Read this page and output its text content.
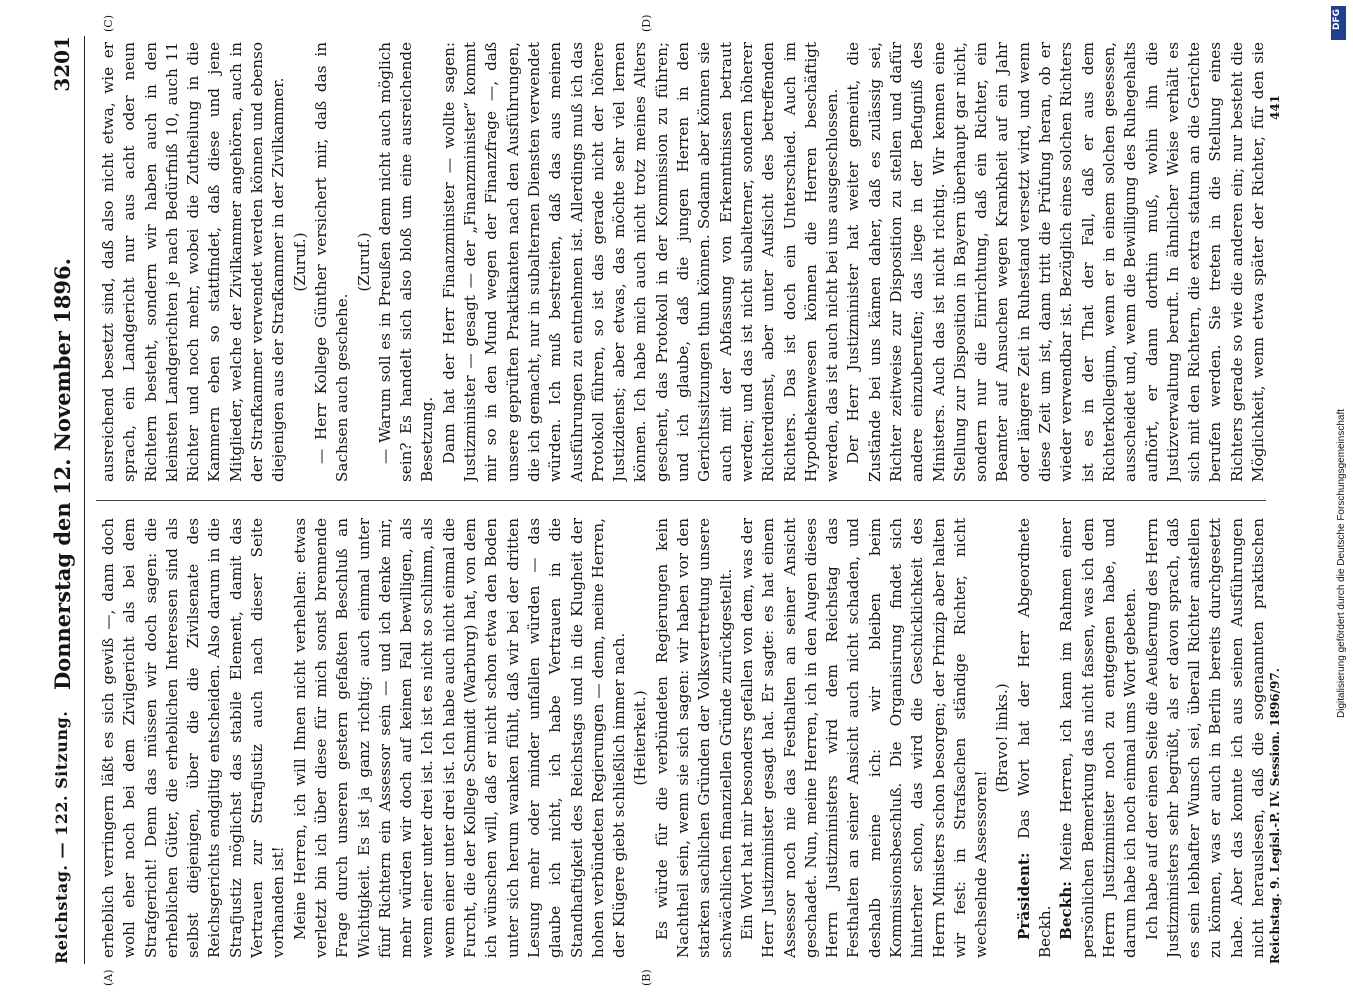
Reichstag. — 122. Sitzung.
Donnerstag den 12. November 1896.
3201
(A)	(B)
(C)	(D)

erheblich verringern läßt es sich gewiß —, dann doch wohl eher noch bei dem Zivilgericht als bei dem Strafgericht! Denn das müssen wir doch sagen: die erheblichen Güter, die erheblichen Interessen sind als selbst diejenigen, über die die Zivilsenate des Reichsgerichts endgiltig entscheiden. Also darum in die Strafjustiz möglichst das stabile Element, damit das Vertrauen zur Strafjustiz auch nach dieser Seite vorhanden ist! Meine Herren, ich will Ihnen nicht verhehlen: etwas verletzt bin ich über diese für mich sonst brennende Frage durch unseren gestern gefaßten Beschluß an Wichtigkeit. Es ist ja ganz richtig: auch einmal unter fünf Richtern ein Assessor sein — und ich denke mir, mehr würden wir doch auf keinen Fall bewilligen, als wenn einer unter drei ist. Ich ist es nicht so schlimm, als wenn einer unter drei ist. Ich habe auch nicht einmal die Furcht, die der Kollege Schmidt (Warburg) hat, von dem ich wünschen will, daß er nicht schon etwa den Boden unter sich herum wanken fühlt, daß wir bei der dritten Lesung mehr oder minder unfallen würden — das glaube ich nicht, ich habe Vertrauen in die Standhaftigkeit des Reichstags und in die Klugheit der hohen verbündeten Regierungen — denn, meine Herren, der Klügere giebt schließlich immer nach. (Heiterkeit.) Es würde für die verbündeten Regierungen kein Nachtheil sein, wenn sie sich sagen: wir haben vor den starken sachlichen Gründen der Volksvertretung unsere schwächlichen finanziellen Gründe zurückgestellt. Ein Wort hat mir besonders gefallen von dem, was der Herr Justizminister gesagt hat. Er sagte: es hat einem Assessor noch nie das Festhalten an seiner Ansicht geschadet. Nun, meine Herren, ich in den Augen dieses Herrn Justizministers wird dem Reichstag das Festhalten an seiner Ansicht auch nicht schaden, und deshalb meine ich: wir bleiben beim Kommissionsbeschluß. Die Organisirung findet sich hinterher schon, das wird die Geschicklichkeit des Herrn Ministers schon besorgen; der Prinzip aber halten wir fest: in Strafsachen ständige Richter, nicht wechselnde Assessoren!

(Bravo! links.)

Präsident: Das Wort hat der Herr Abgeordnete Beckh. Beckh: Meine Herren, ich kann im Rahmen einer persönlichen Bemerkung das nicht fassen, was ich dem Herrn Justizminister noch zu entgegnen habe, und darum habe ich noch einmal ums Wort gebeten. Ich habe auf der einen Seite die Aeußerung des Herrn Justizministers sehr begrüßt, als er davon sprach, daß es sein lebhafter Wunsch sei, überall Richter anstellen zu können, was er auch in Berlin bereits durchgesetzt habe. Aber das konnte ich aus seinen Ausführungen nicht herauslesen, daß die sogenannten praktischen

ausreichend besetzt sind, daß also nicht etwa, wie er sprach, ein Landgericht nur aus acht oder neun Richtern besteht, sondern wir haben auch in den kleinsten Landgerichten je nach Bedürfniß 10, auch 11 Richter und noch mehr, wobei die Zutheilung in die Kammern eben so stattfindet, daß diese und jene Mitglieder, welche der Zivilkammer angehören, auch in der Strafkammer verwendet werden können und ebenso diejenigen aus der Strafkammer in der Zivilkammer. (Zuruf.) — Herr Kollege Günther versichert mir, daß das in Sachsen auch geschehe.

(Zuruf.) — Warum soll es in Preußen denn nicht auch möglich sein? Es handelt sich also bloß um eine ausreichende Besetzung. Dann hat der Herr Finanzminister — wollte sagen: Justizminister — gesagt — der „Finanzminister“ kommt mir so in den Mund wegen der Finanzfrage —, daß unsere geprüften Praktikanten nach den Ausführungen, die ich gemacht, nur in subalternen Diensten verwendet würden. Ich muß bestreiten, daß das aus meinen Ausführungen zu entnehmen ist. Allerdings muß ich das Protokoll führen, so ist das gerade nicht der höhere Justizdienst; aber etwas, das möchte sehr viel lernen können. Ich habe mich auch nicht trotz meines Alters geschent, das Protokoll in der Kommission zu führen; und ich glaube, daß die jungen Herren in den Gerichtssitzungen thun können. Sodann aber können sie auch mit der Abfassung von Erkenntnissen betraut werden; und das ist nicht subalterner, sondern höherer Richterdienst, aber unter Aufsicht des betreffenden Richters. Das ist doch ein Unterschied. Auch im Hypothekenwesen können die Herren beschäftigt werden, das ist auch nicht bei uns ausgeschlossen. Der Herr Justizminister hat weiter gemeint, die Zustände bei uns kämen daher, daß es zulässig sei, Richter zeitweise zur Disposition zu stellen und dafür andere einzuberufen; das liege in der Befugniß des Ministers. Auch das ist nicht richtig. Wir kennen eine Stellung zur Disposition in Bayern überhaupt gar nicht, sondern nur die Einrichtung, daß ein Richter, ein Beamter auf Ansuchen wegen Krankheit auf ein Jahr oder längere Zeit in Ruhestand versetzt wird, und wenn diese Zeit um ist, dann tritt die Prüfung heran, ob er wieder verwendbar ist. Bezüglich eines solchen Richters ist es in der That der Fall, daß er aus dem Richterkollegium, wenn er in einem solchen gesessen, ausscheidet und, wenn die Bewilligung des Ruhegehalts aufhört, er dann dorthin muß, wohin ihn die Justizverwaltung beruft. In ähnlicher Weise verhält es sich mit den Richtern, die extra statum an die Gerichte berufen werden. Sie treten in die Stellung eines Richters gerade so wie die anderen ein; nur besteht die Möglichkeit, wenn etwa später der Richter, für den sie

Reichstag. 9. Legisl.-P. IV. Session. 1896/97.
441
DFG
Digitalisierung gefördert durch die Deutsche Forschungsgemeinschaft
